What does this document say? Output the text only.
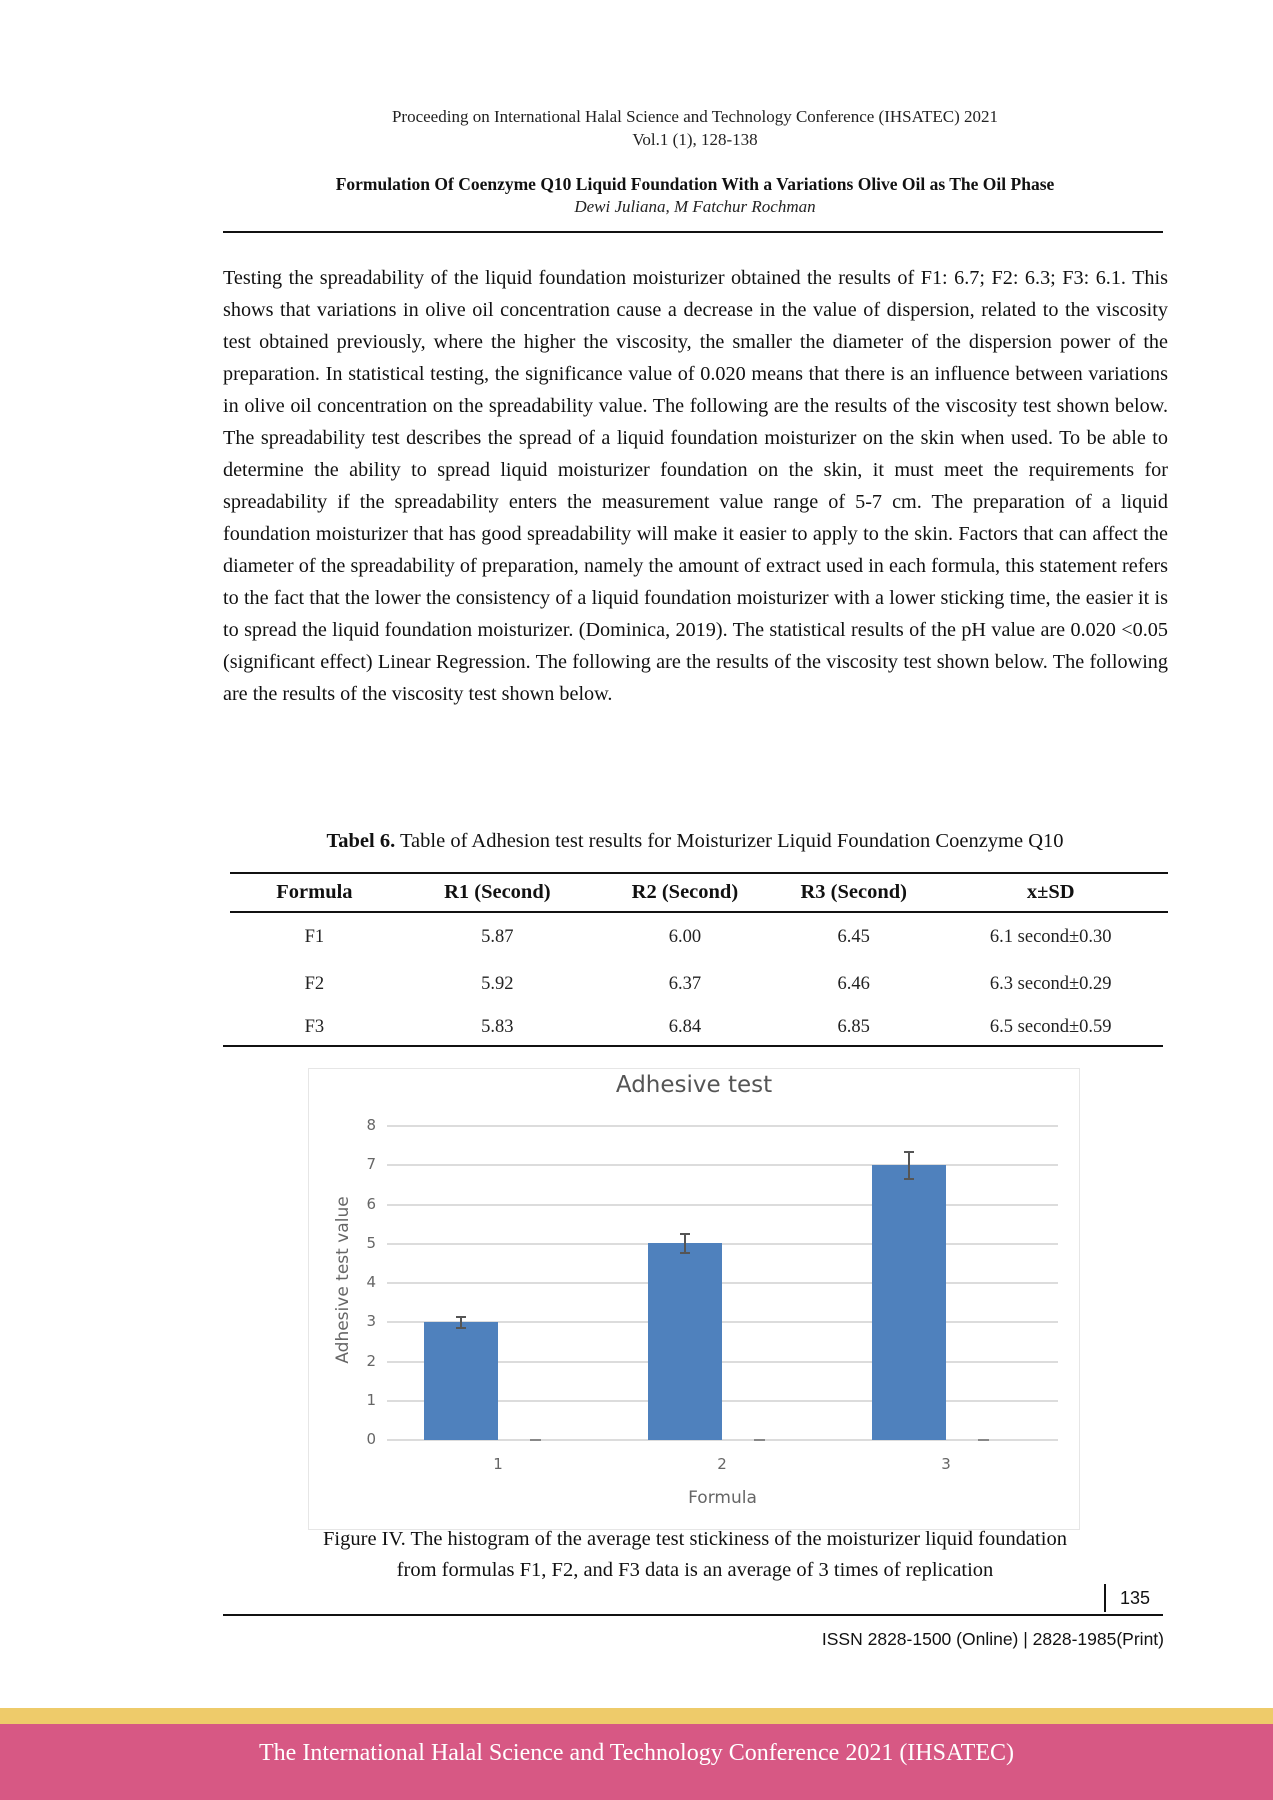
Proceeding on International Halal Science and Technology Conference (IHSATEC) 2021
Vol.1 (1), 128-138
Formulation Of Coenzyme Q10 Liquid Foundation With a Variations Olive Oil as The Oil Phase
Dewi Juliana, M Fatchur Rochman
Testing the spreadability of the liquid foundation moisturizer obtained the results of F1: 6.7; F2: 6.3; F3: 6.1. This shows that variations in olive oil concentration cause a decrease in the value of dispersion, related to the viscosity test obtained previously, where the higher the viscosity, the smaller the diameter of the dispersion power of the preparation. In statistical testing, the significance value of 0.020 means that there is an influence between variations in olive oil concentration on the spreadability value. The following are the results of the viscosity test shown below. The spreadability test describes the spread of a liquid foundation moisturizer on the skin when used. To be able to determine the ability to spread liquid moisturizer foundation on the skin, it must meet the requirements for spreadability if the spreadability enters the measurement value range of 5-7 cm. The preparation of a liquid foundation moisturizer that has good spreadability will make it easier to apply to the skin. Factors that can affect the diameter of the spreadability of preparation, namely the amount of extract used in each formula, this statement refers to the fact that the lower the consistency of a liquid foundation moisturizer with a lower sticking time, the easier it is to spread the liquid foundation moisturizer. (Dominica, 2019). The statistical results of the pH value are 0.020 <0.05 (significant effect) Linear Regression. The following are the results of the viscosity test shown below. The following are the results of the viscosity test shown below.
Tabel 6. Table of Adhesion test results for Moisturizer Liquid Foundation Coenzyme Q10
Formula	R1 (Second)	R2 (Second)	R3 (Second)	x±SD
F1	5.87	6.00	6.45	6.1 second±0.30
F2	5.92	6.37	6.46	6.3 second±0.29
F3	5.83	6.84	6.85	6.5 second±0.59
Adhesive test
8
7
6
5
4
3
2
1
0
Adhesive test value
1	2	3
Formula
Figure IV. The histogram of the average test stickiness of the moisturizer liquid foundation
from formulas F1, F2, and F3 data is an average of 3 times of replication
135
ISSN 2828-1500 (Online) | 2828-1985(Print)
The International Halal Science and Technology Conference 2021 (IHSATEC)
